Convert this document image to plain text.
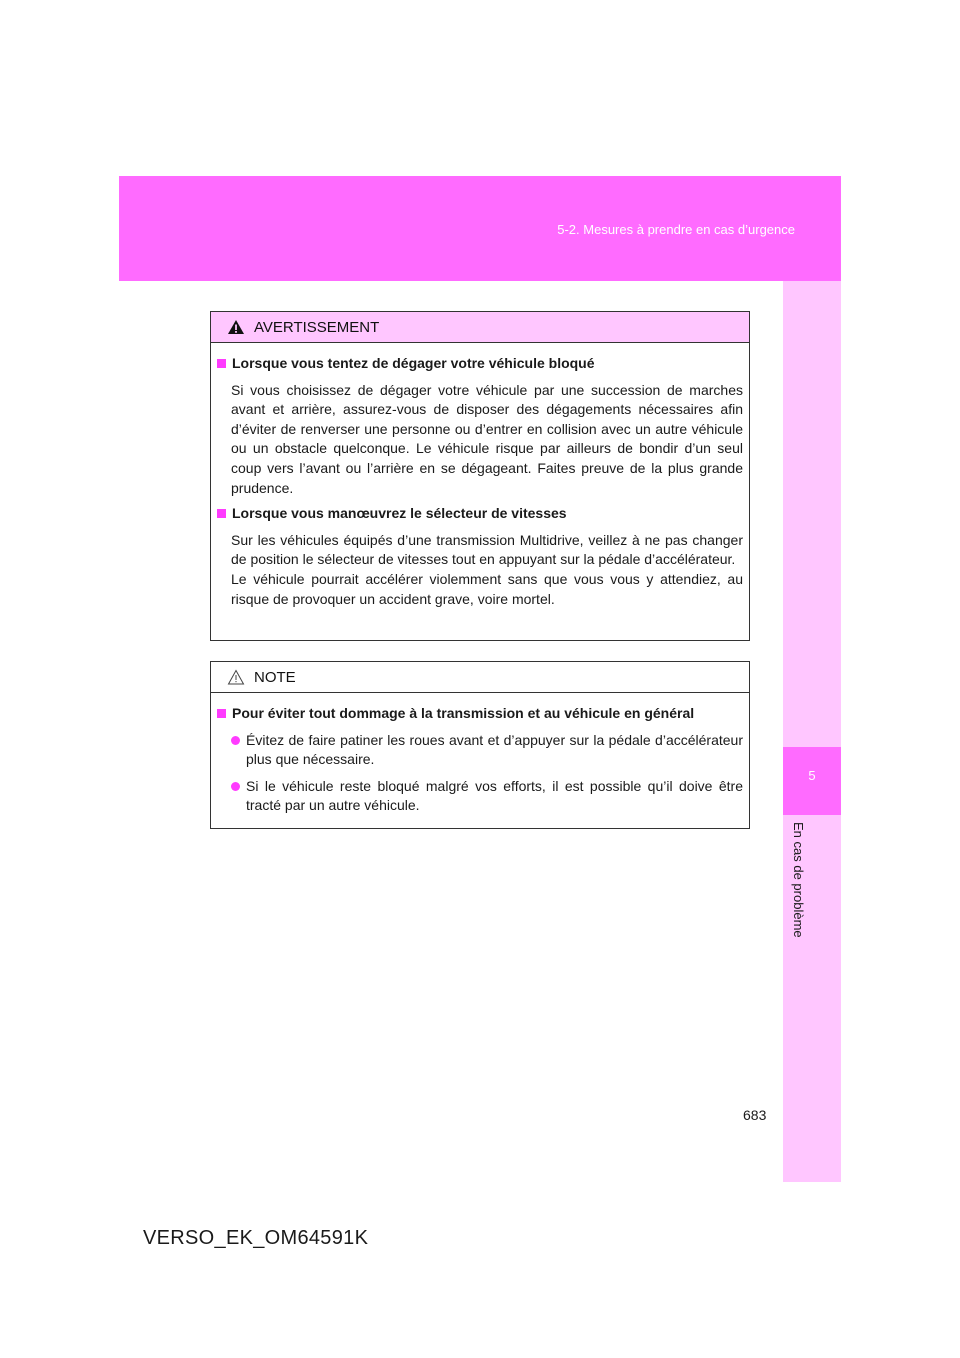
5-2. Mesures à prendre en cas d’urgence
5
En cas de problème
AVERTISSEMENT
Lorsque vous tentez de dégager votre véhicule bloqué
Si vous choisissez de dégager votre véhicule par une succession de marches avant et arrière, assurez-vous de disposer des dégagements nécessaires afin d’éviter de renverser une personne ou d’entrer en collision avec un autre véhicule ou un obstacle quelconque. Le véhicule risque par ailleurs de bondir d’un seul coup vers l’avant ou l’arrière en se dégageant. Faites preuve de la plus grande prudence.
Lorsque vous manœuvrez le sélecteur de vitesses
Sur les véhicules équipés d’une transmission Multidrive, veillez à ne pas changer de position le sélecteur de vitesses tout en appuyant sur la pédale d’accélérateur.
Le véhicule pourrait accélérer violemment sans que vous vous y attendiez, au risque de provoquer un accident grave, voire mortel.
NOTE
Pour éviter tout dommage à la transmission et au véhicule en général
Évitez de faire patiner les roues avant et d’appuyer sur la pédale d’accélérateur plus que nécessaire.
Si le véhicule reste bloqué malgré vos efforts, il est possible qu’il doive être tracté par un autre véhicule.
683
VERSO_EK_OM64591K
